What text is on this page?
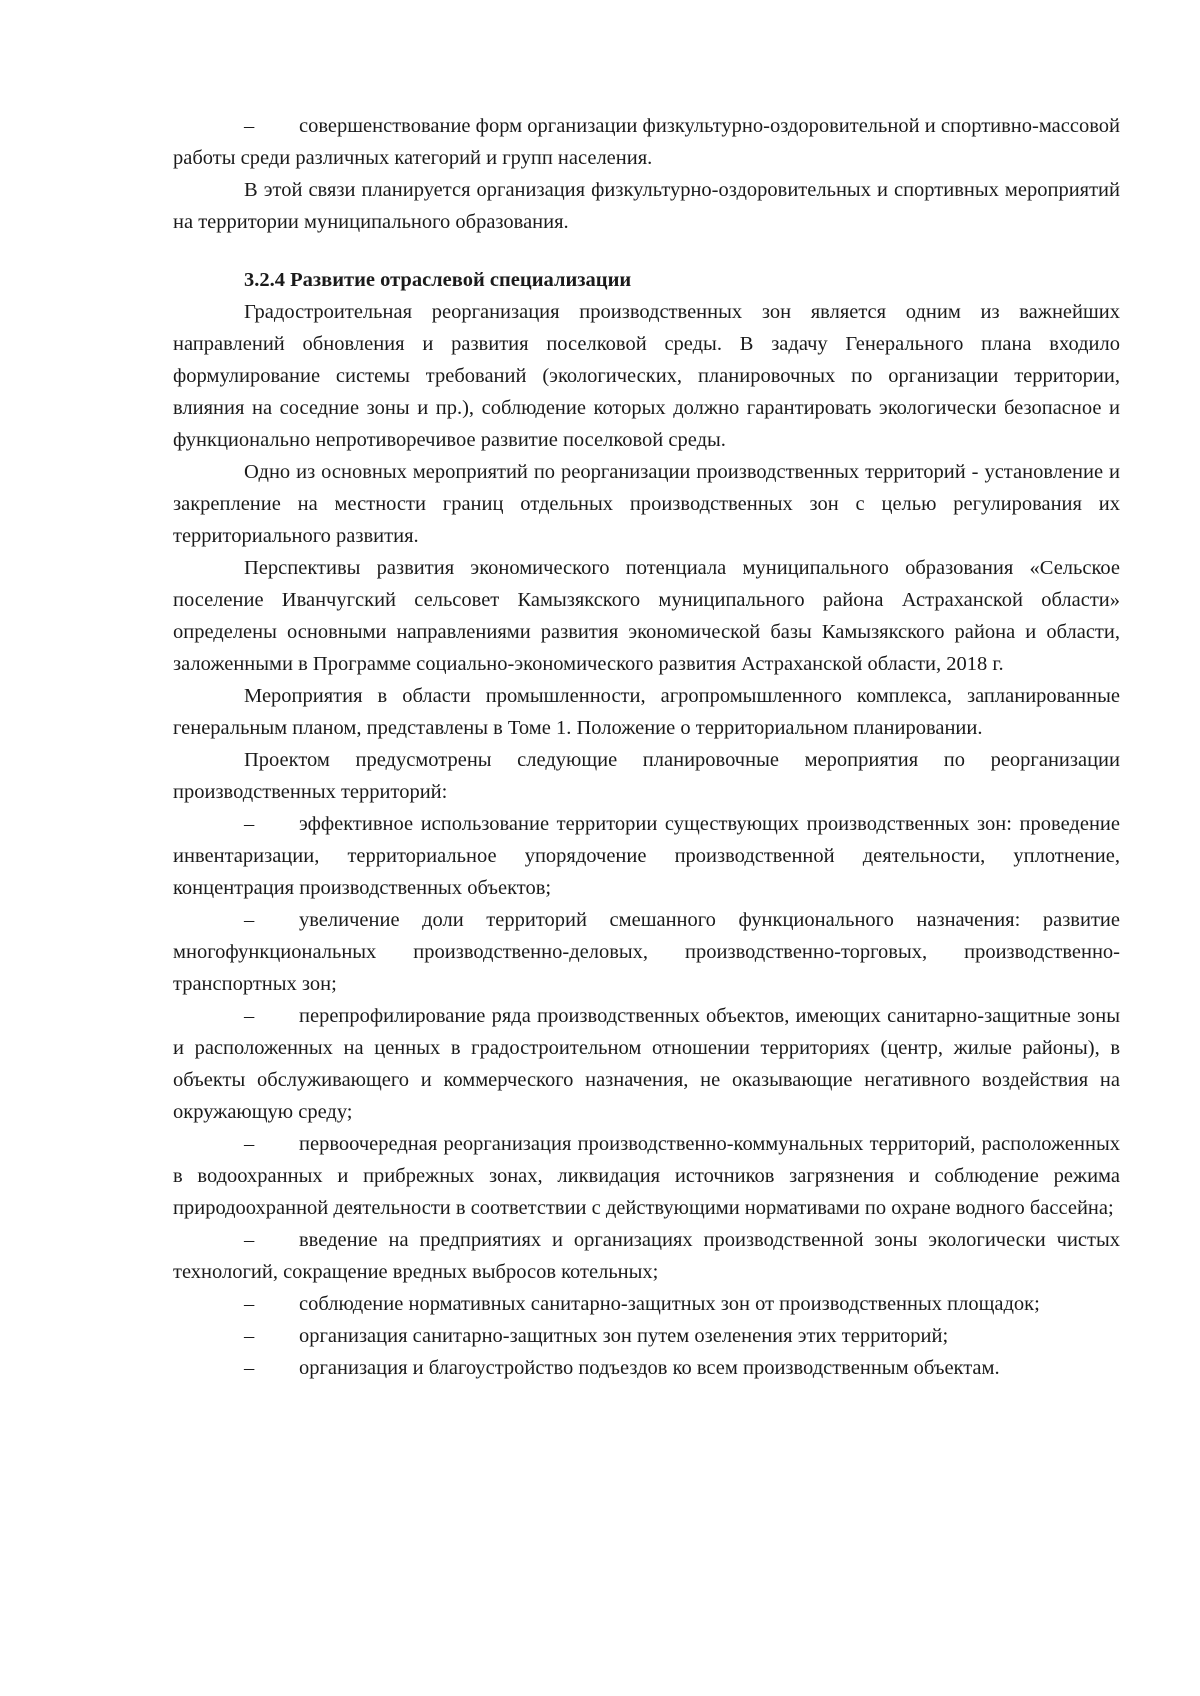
– совершенствование форм организации физкультурно-оздоровительной и спортивно-массовой работы среди различных категорий и групп населения.

В этой связи планируется организация физкультурно-оздоровительных и спортивных мероприятий на территории муниципального образования.

3.2.4 Развитие отраслевой специализации

Градостроительная реорганизация производственных зон является одним из важнейших направлений обновления и развития поселковой среды. В задачу Генерального плана входило формулирование системы требований (экологических, планировочных по организации территории, влияния на соседние зоны и пр.), соблюдение которых должно гарантировать экологически безопасное и функционально непротиворечивое развитие поселковой среды.

Одно из основных мероприятий по реорганизации производственных территорий - установление и закрепление на местности границ отдельных производственных зон с целью регулирования их территориального развития.

Перспективы развития экономического потенциала муниципального образования «Сельское поселение Иванчугский сельсовет Камызякского муниципального района Астраханской области» определены основными направлениями развития экономической базы Камызякского района и области, заложенными в Программе социально-экономического развития Астраханской области, 2018 г.

Мероприятия в области промышленности, агропромышленного комплекса, запланированные генеральным планом, представлены в Томе 1. Положение о территориальном планировании.

Проектом предусмотрены следующие планировочные мероприятия по реорганизации производственных территорий:

– эффективное использование территории существующих производственных зон: проведение инвентаризации, территориальное упорядочение производственной деятельности, уплотнение, концентрация производственных объектов;

– увеличение доли территорий смешанного функционального назначения: развитие многофункциональных производственно-деловых, производственно-торговых, производственно- транспортных зон;

– перепрофилирование ряда производственных объектов, имеющих санитарно-защитные зоны и расположенных на ценных в градостроительном отношении территориях (центр, жилые районы), в объекты обслуживающего и коммерческого назначения, не оказывающие негативного воздействия на окружающую среду;

– первоочередная реорганизация производственно-коммунальных территорий, расположенных в водоохранных и прибрежных зонах, ликвидация источников загрязнения и соблюдение режима природоохранной деятельности в соответствии с действующими нормативами по охране водного бассейна;

– введение на предприятиях и организациях производственной зоны экологически чистых технологий, сокращение вредных выбросов котельных;

– соблюдение нормативных санитарно-защитных зон от производственных площадок;

– организация санитарно-защитных зон путем озеленения этих территорий;

– организация и благоустройство подъездов ко всем производственным объектам.
